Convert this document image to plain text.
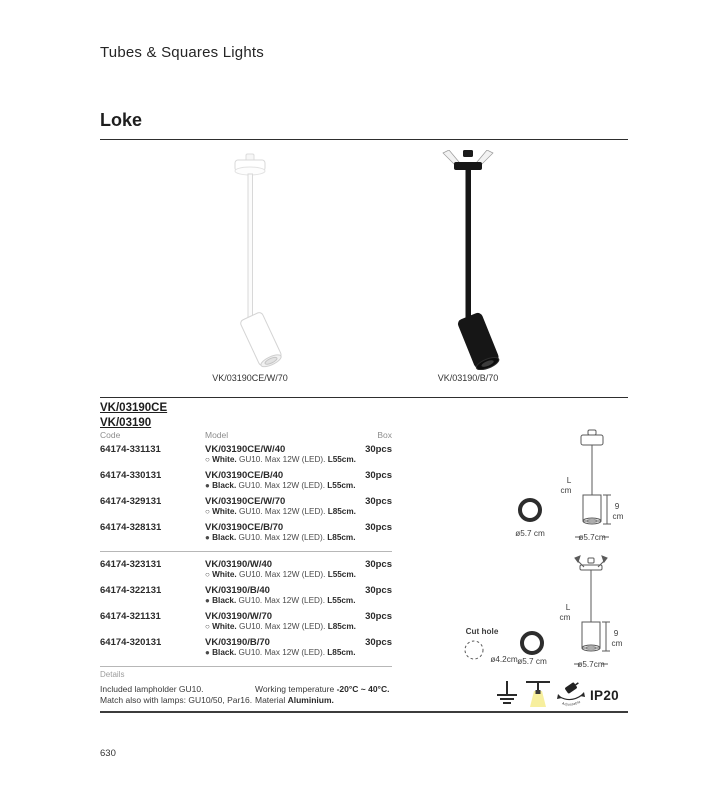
Tubes & Squares Lights
Loke
VK/03190CE/W/70	VK/03190/B/70
VK/03190CE
VK/03190
Code	Model	Box
64174-331131	VK/03190CE/W/40
○ White. GU10. Max 12W (LED). L55cm.
30pcs
64174-330131	VK/03190CE/B/40
● Black. GU10. Max 12W (LED). L55cm.
30pcs
64174-329131	VK/03190CE/W/70
○ White. GU10. Max 12W (LED). L85cm.
30pcs
64174-328131	VK/03190CE/B/70
● Black. GU10. Max 12W (LED). L85cm.
30pcs
64174-323131	VK/03190/W/40
○ White. GU10. Max 12W (LED). L55cm.
30pcs
64174-322131	VK/03190/B/40
● Black. GU10. Max 12W (LED). L55cm.
30pcs
64174-321131	VK/03190/W/70
○ White. GU10. Max 12W (LED). L85cm.
30pcs
64174-320131	VK/03190/B/70
● Black. GU10. Max 12W (LED). L85cm.
30pcs
ø5.7 cm
L
cm
9
cm
ø5.7cm
Cut hole
ø4.2cm ø5.7 cm
L
cm
9
cm
ø5.7cm
Details
Included lampholder GU10.
Match also with lamps: GU10/50, Par16.
Working temperature -20°C ~ 40°C.
Material Aluminium.	Adjustable IP20
630
